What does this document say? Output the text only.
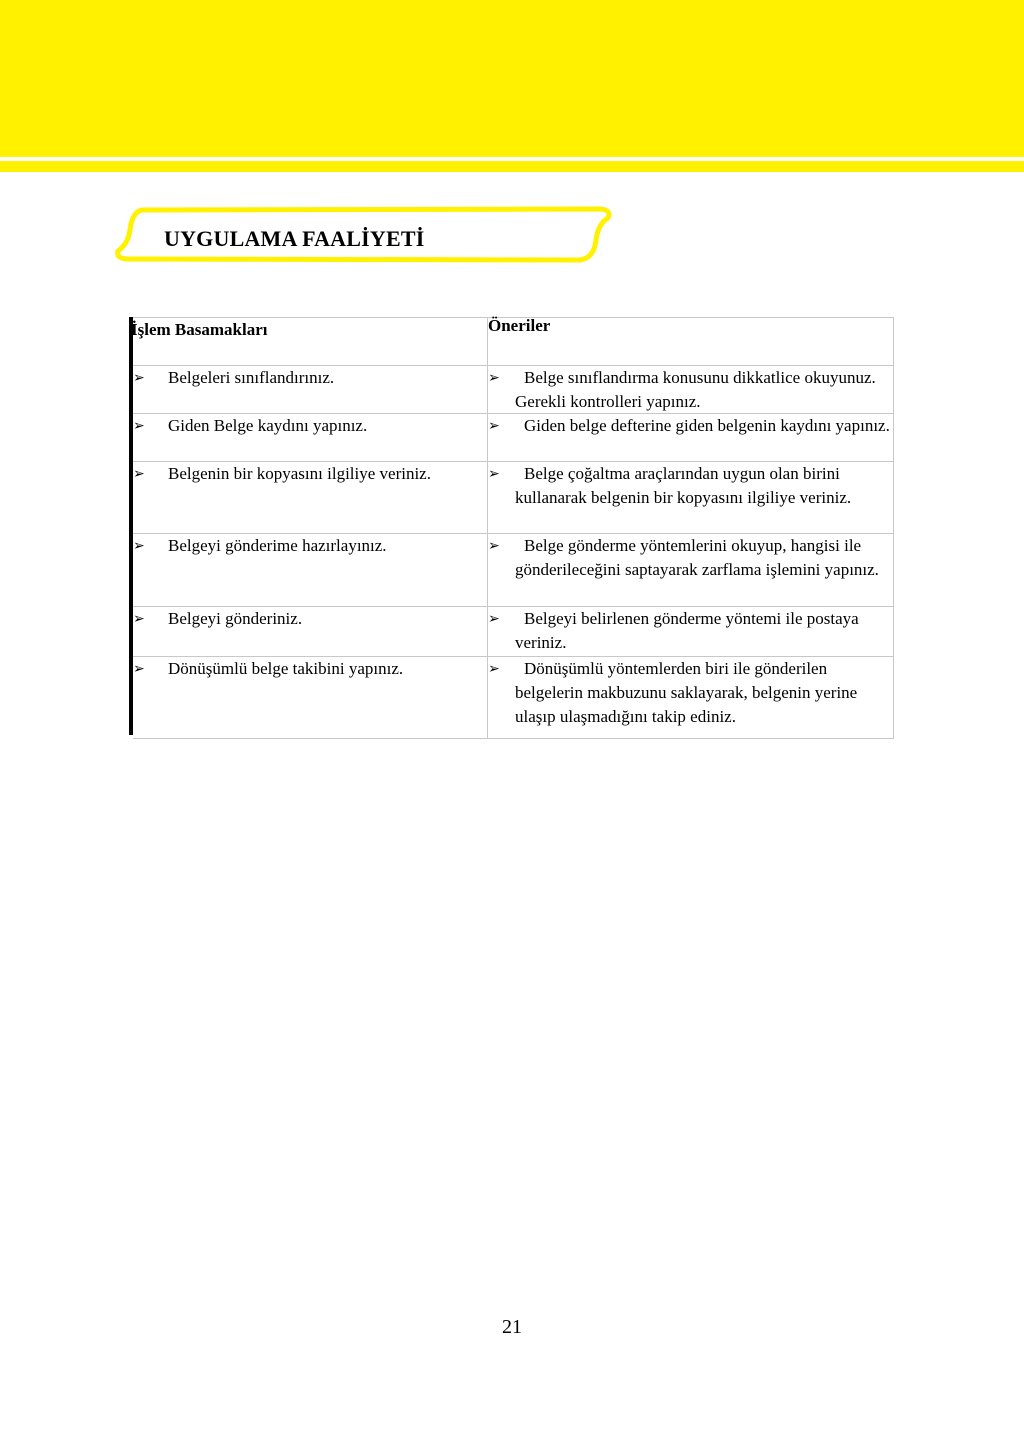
UYGULAMA FAALİYETİ
İşlem Basamakları	Öneriler
➢	Belgeleri sınıflandırınız.	➢	Belge sınıflandırma konusunu dikkatlice okuyunuz. Gerekli kontrolleri yapınız.
➢	Giden Belge kaydını yapınız.	➢	Giden belge defterine giden belgenin kaydını yapınız.
➢	Belgenin bir kopyasını ilgiliye veriniz.	➢	Belge çoğaltma araçlarından uygun olan birini kullanarak belgenin bir kopyasını ilgiliye veriniz.
➢	Belgeyi gönderime hazırlayınız.	➢	Belge gönderme yöntemlerini okuyup, hangisi ile gönderileceğini saptayarak zarflama işlemini yapınız.
➢	Belgeyi gönderiniz.	➢	Belgeyi belirlenen gönderme yöntemi ile postaya veriniz.
➢	Dönüşümlü belge takibini yapınız.	➢	Dönüşümlü yöntemlerden biri ile gönderilen belgelerin makbuzunu saklayarak, belgenin yerine ulaşıp ulaşmadığını takip ediniz.
21
